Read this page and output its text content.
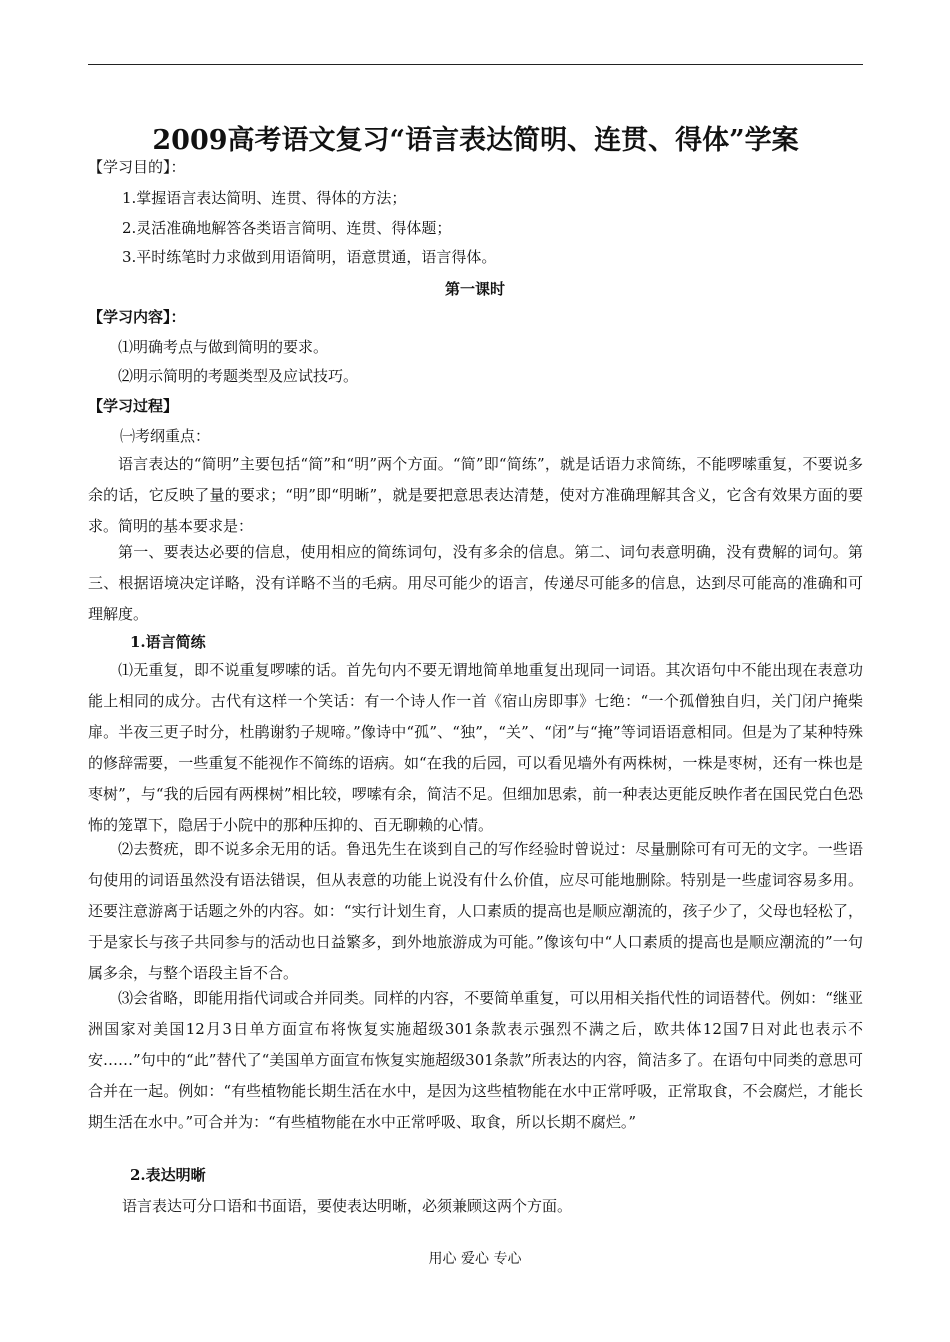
2009高考语文复习“语言表达简明、连贯、得体”学案
【学习目的】：
1.掌握语言表达简明、连贯、得体的方法；
2.灵活准确地解答各类语言简明、连贯、得体题；
3.平时练笔时力求做到用语简明，语意贯通，语言得体。
第一课时
【学习内容】：
⑴明确考点与做到简明的要求。
⑵明示简明的考题类型及应试技巧。
【学习过程】
㈠考纲重点：

语言表达的“简明”主要包括“简”和“明”两个方面。“简”即“简练”，就是话语力求简练，不能啰嗦重复，不要说多余的话，它反映了量的要求；“明”即“明晰”，就是要把意思表达清楚，使对方准确理解其含义，它含有效果方面的要求。简明的基本要求是：

第一、要表达必要的信息，使用相应的简练词句，没有多余的信息。第二、词句表意明确，没有费解的词句。第三、根据语境决定详略，没有详略不当的毛病。用尽可能少的语言，传递尽可能多的信息，达到尽可能高的准确和可理解度。

1.语言简练

⑴无重复，即不说重复啰嗦的话。首先句内不要无谓地简单地重复出现同一词语。其次语句中不能出现在表意功能上相同的成分。古代有这样一个笑话：有一个诗人作一首《宿山房即事》七绝：“一个孤僧独自归，关门闭户掩柴扉。半夜三更子时分，杜鹃谢豹子规啼。”像诗中“孤”、“独”，“关”、“闭”与“掩”等词语语意相同。但是为了某种特殊的修辞需要，一些重复不能视作不简练的语病。如“在我的后园，可以看见墙外有两株树，一株是枣树，还有一株也是枣树”，与“我的后园有两棵树”相比较，啰嗦有余，简洁不足。但细加思索，前一种表达更能反映作者在国民党白色恐怖的笼罩下，隐居于小院中的那种压抑的、百无聊赖的心情。

⑵去赘疣，即不说多余无用的话。鲁迅先生在谈到自己的写作经验时曾说过：尽量删除可有可无的文字。一些语句使用的词语虽然没有语法错误，但从表意的功能上说没有什么价值，应尽可能地删除。特别是一些虚词容易多用。还要注意游离于话题之外的内容。如：“实行计划生育，人口素质的提高也是顺应潮流的，孩子少了，父母也轻松了，于是家长与孩子共同参与的活动也日益繁多，到外地旅游成为可能。”像该句中“人口素质的提高也是顺应潮流的”一句属多余，与整个语段主旨不合。

⑶会省略，即能用指代词或合并同类。同样的内容，不要简单重复，可以用相关指代性的词语替代。例如：“继亚洲国家对美国12月3日单方面宣布将恢复实施超级301条款表示强烈不满之后，欧共体12国7日对此也表示不安……”句中的“此”替代了“美国单方面宣布恢复实施超级301条款”所表达的内容，简洁多了。在语句中同类的意思可合并在一起。例如：“有些植物能长期生活在水中，是因为这些植物能在水中正常呼吸，正常取食，不会腐烂，才能长期生活在水中。”可合并为：“有些植物能在水中正常呼吸、取食，所以长期不腐烂。”

2.表达明晰
语言表达可分口语和书面语，要使表达明晰，必须兼顾这两个方面。
用心 爱心 专心
